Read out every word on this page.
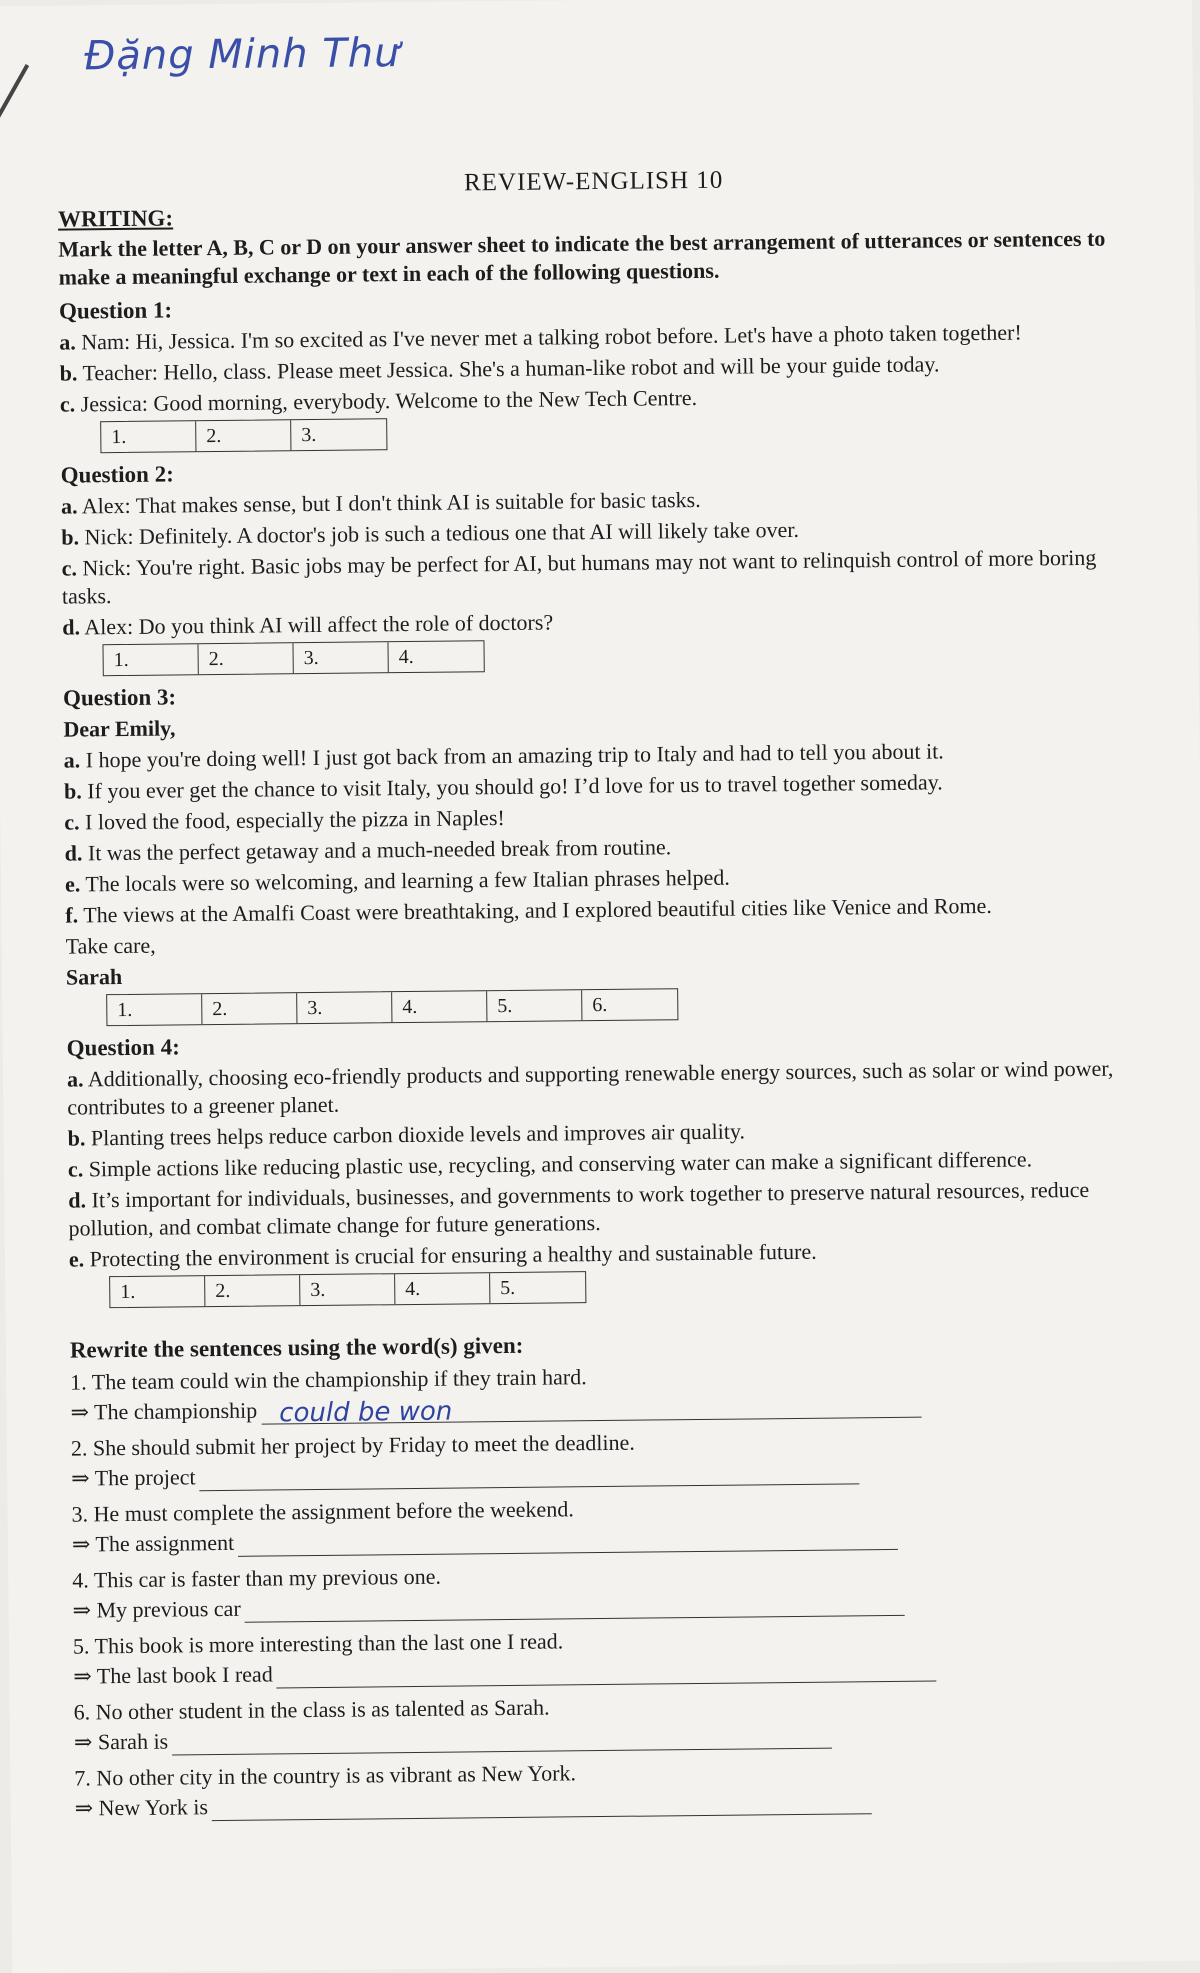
Đặng Minh Thư
REVIEW-ENGLISH 10

WRITING:

Mark the letter A, B, C or D on your answer sheet to indicate the best arrangement of utterances or sentences to make a meaningful exchange or text in each of the following questions.

Question 1:

a. Nam: Hi, Jessica. I'm so excited as I've never met a talking robot before. Let's have a photo taken together!

b. Teacher: Hello, class. Please meet Jessica. She's a human-like robot and will be your guide today.

c. Jessica: Good morning, everybody. Welcome to the New Tech Centre.

1.	2.	3.

Question 2:

a. Alex: That makes sense, but I don't think AI is suitable for basic tasks.

b. Nick: Definitely. A doctor's job is such a tedious one that AI will likely take over.

c. Nick: You're right. Basic jobs may be perfect for AI, but humans may not want to relinquish control of more boring tasks.

d. Alex: Do you think AI will affect the role of doctors?

1.	2.	3.	4.

Question 3:

Dear Emily,

a. I hope you're doing well! I just got back from an amazing trip to Italy and had to tell you about it.

b. If you ever get the chance to visit Italy, you should go! I’d love for us to travel together someday.

c. I loved the food, especially the pizza in Naples!

d. It was the perfect getaway and a much-needed break from routine.

e. The locals were so welcoming, and learning a few Italian phrases helped.

f. The views at the Amalfi Coast were breathtaking, and I explored beautiful cities like Venice and Rome.

Take care,

Sarah

1.	2.	3.	4.	5.	6.

Question 4:

a. Additionally, choosing eco-friendly products and supporting renewable energy sources, such as solar or wind power, contributes to a greener planet.

b. Planting trees helps reduce carbon dioxide levels and improves air quality.

c. Simple actions like reducing plastic use, recycling, and conserving water can make a significant difference.

d. It’s important for individuals, businesses, and governments to work together to preserve natural resources, reduce pollution, and combat climate change for future generations.

e. Protecting the environment is crucial for ensuring a healthy and sustainable future.

1.	2.	3.	4.	5.

Rewrite the sentences using the word(s) given:

1. The team could win the championship if they train hard.

⇒ The championship could be won

2. She should submit her project by Friday to meet the deadline.

⇒ The project

3. He must complete the assignment before the weekend.

⇒ The assignment

4. This car is faster than my previous one.

⇒ My previous car

5. This book is more interesting than the last one I read.

⇒ The last book I read

6. No other student in the class is as talented as Sarah.

⇒ Sarah is

7. No other city in the country is as vibrant as New York.

⇒ New York is
